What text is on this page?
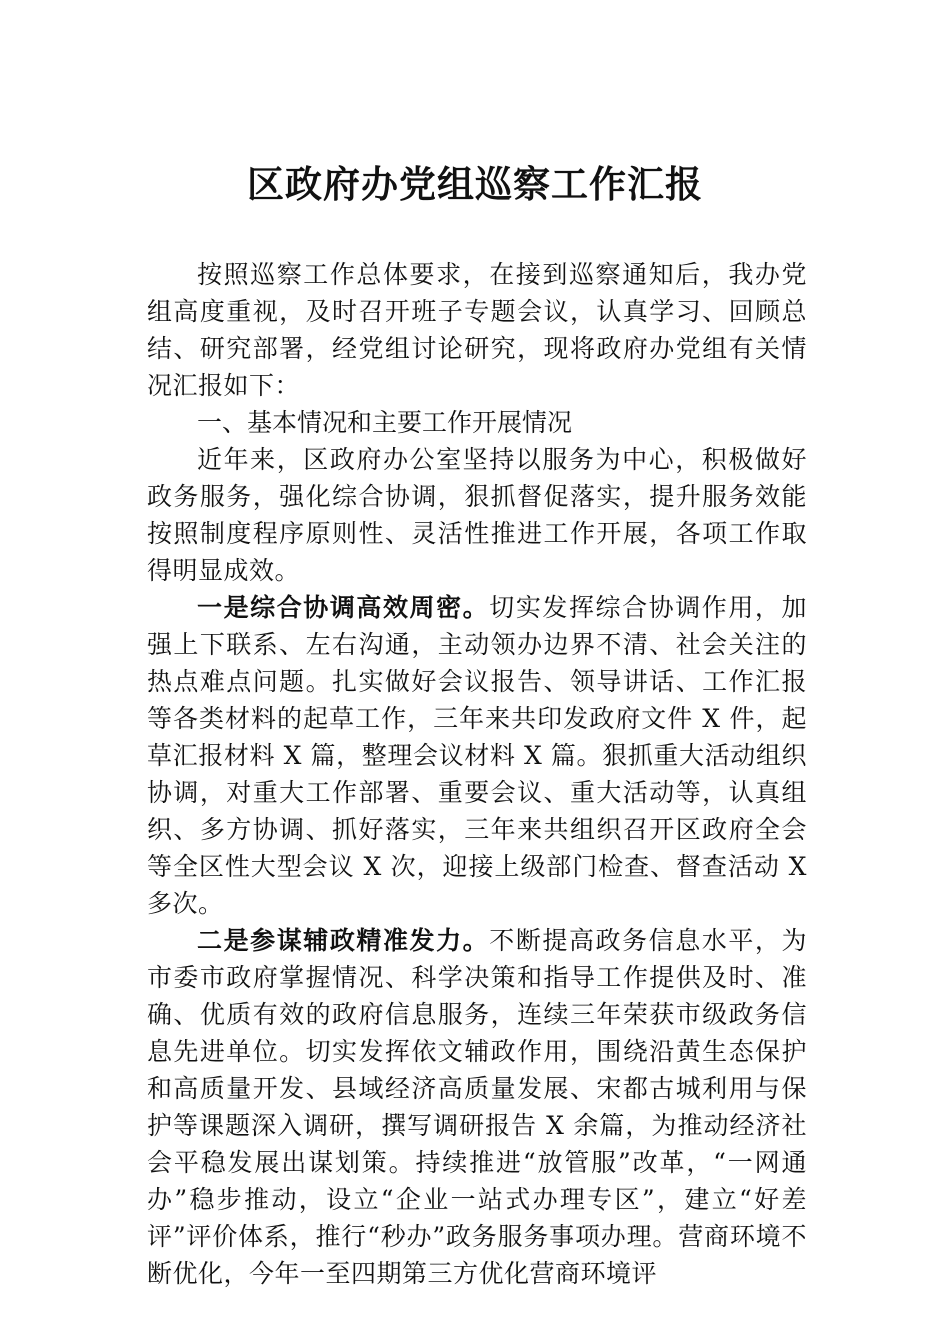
区政府办党组巡察工作汇报

按照巡察工作总体要求，在接到巡察通知后，我办党组高度重视，及时召开班子专题会议，认真学习、回顾总结、研究部署，经党组讨论研究，现将政府办党组有关情况汇报如下：

一、基本情况和主要工作开展情况

近年来，区政府办公室坚持以服务为中心，积极做好政务服务，强化综合协调，狠抓督促落实，提升服务效能按照制度程序原则性、灵活性推进工作开展，各项工作取得明显成效。

一是综合协调高效周密。切实发挥综合协调作用，加强上下联系、左右沟通，主动领办边界不清、社会关注的热点难点问题。扎实做好会议报告、领导讲话、工作汇报等各类材料的起草工作，三年来共印发政府文件 X 件，起草汇报材料 X 篇，整理会议材料 X 篇。狠抓重大活动组织协调，对重大工作部署、重要会议、重大活动等，认真组织、多方协调、抓好落实，三年来共组织召开区政府全会等全区性大型会议 X 次，迎接上级部门检查、督查活动 X 多次。

二是参谋辅政精准发力。不断提高政务信息水平，为市委市政府掌握情况、科学决策和指导工作提供及时、准确、优质有效的政府信息服务，连续三年荣获市级政务信息先进单位。切实发挥依文辅政作用，围绕沿黄生态保护和高质量开发、县域经济高质量发展、宋都古城利用与保护等课题深入调研，撰写调研报告 X 余篇，为推动经济社会平稳发展出谋划策。持续推进“放管服”改革，“一网通办”稳步推动，设立“企业一站式办理专区”，建立“好差评”评价体系，推行“秒办”政务服务事项办理。营商环境不断优化，今年一至四期第三方优化营商环境评
